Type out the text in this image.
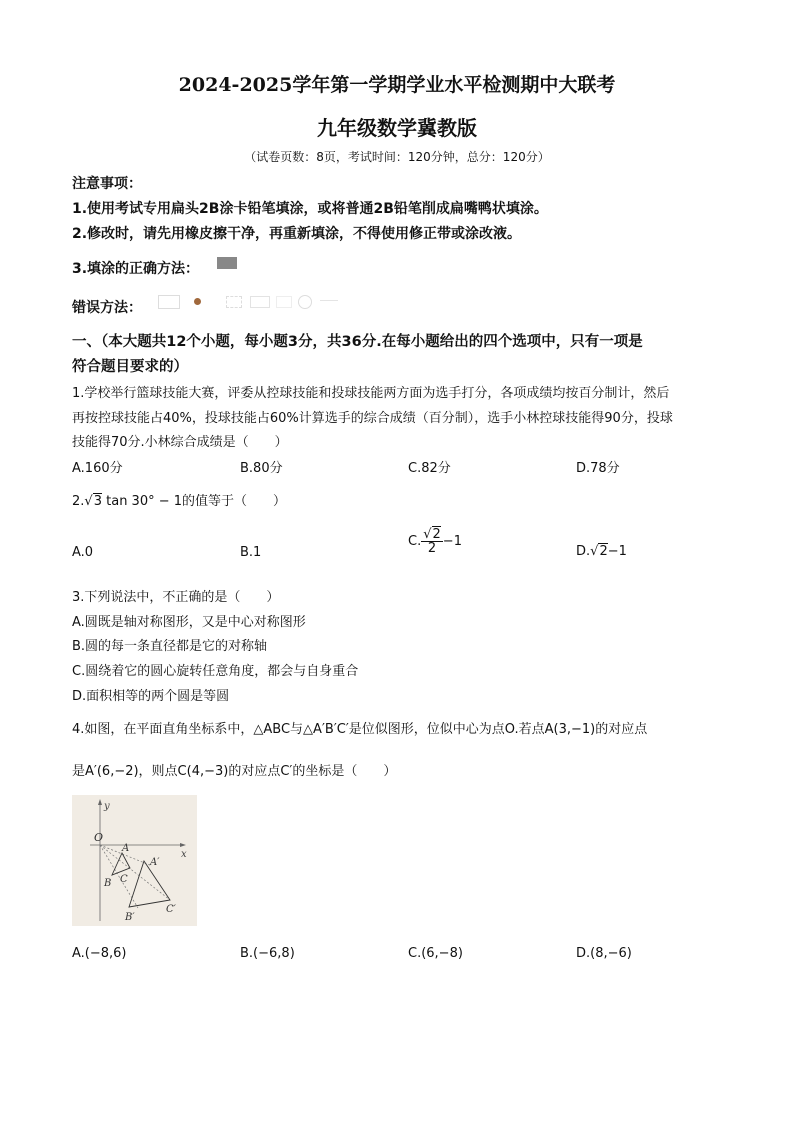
2024-2025学年第一学期学业水平检测期中大联考
九年级数学冀教版
（试卷页数：8页，考试时间：120分钟，总分：120分）
注意事项：
1.使用考试专用扁头2B涂卡铅笔填涂，或将普通2B铅笔削成扁嘴鸭状填涂。
2.修改时，请先用橡皮擦干净，再重新填涂，不得使用修正带或涂改液。
3.填涂的正确方法：
错误方法：
一、（本大题共12个小题，每小题3分，共36分.在每小题给出的四个选项中，只有一项是
符合题目要求的）
1.学校举行篮球技能大赛，评委从控球技能和投球技能两方面为选手打分，各项成绩均按百分制计，然后
再按控球技能占40%，投球技能占60%计算选手的综合成绩（百分制），选手小林控球技能得90分，投球
技能得70分.小林综合成绩是（　　）
A.160分	B.80分	C.82分	D.78分
2.√3 tan 30° − 1的值等于（　　）
A.0	B.1
C. $\frac{√2}{2} -1$
D.√2−1
3.下列说法中，不正确的是（　　）
A.圆既是轴对称图形，又是中心对称图形
B.圆的每一条直径都是它的对称轴
C.圆绕着它的圆心旋转任意角度，都会与自身重合
D.面积相等的两个圆是等圆
4.如图，在平面直角坐标系中，△ABC与△A′B′C′是位似图形，位似中心为点O.若点A(3,−1)的对应点
是A′(6,−2)，则点C(4,−3)的对应点C′的坐标是（　　）
y
x
O
A
A′
B C
B′
C′
A.(−8,6)	B.(−6,8)	C.(6,−8)	D.(8,−6)
